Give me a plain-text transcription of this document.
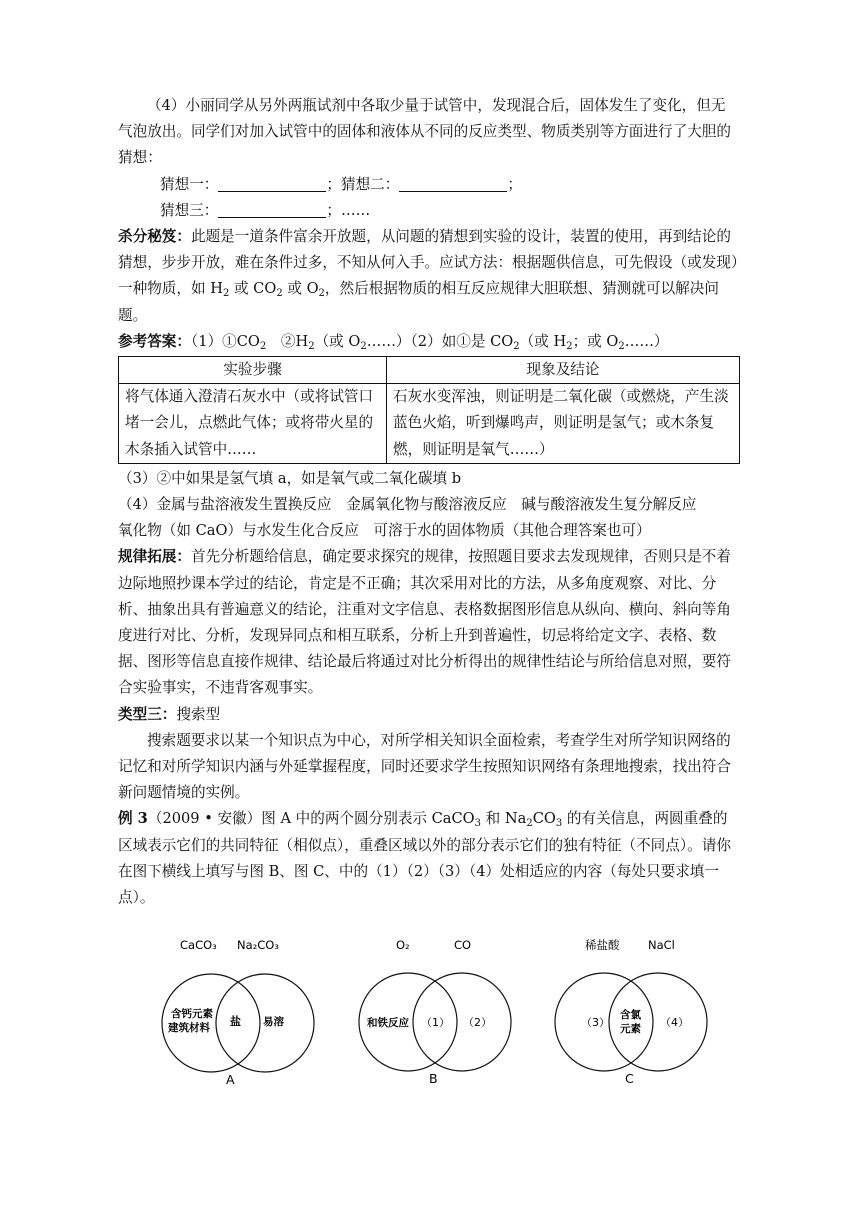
（4）小丽同学从另外两瓶试剂中各取少量于试管中，发现混合后，固体发生了变化，但无气泡放出。同学们对加入试管中的固体和液体从不同的反应类型、物质类别等方面进行了大胆的猜想：

猜想一：	；猜想二：	；

猜想三：	；……

杀分秘笈：此题是一道条件富余开放题，从问题的猜想到实验的设计，装置的使用，再到结论的猜想，步步开放，难在条件过多，不知从何入手。应试方法：根据题供信息，可先假设（或发现）一种物质，如 $H_2$ 或 $CO_2$ 或 $O_2$，然后根据物质的相互反应规律大胆联想、猜测就可以解决问题。

参考答案：$(1)①CO_2$　$②H_2$（或 $O_2\dots\dots)(2)$如①是 $CO_2$（或 $H_2$；或 $O_2\dots\dots$）

实验步骤	现象及结论
将气体通入澄清石灰水中（或将试管口堵一会儿，点燃此气体；或将带火星的木条插入试管中……	石灰水变浑浊，则证明是二氧化碳（或燃烧，产生淡蓝色火焰，听到爆鸣声，则证明是氢气；或木条复燃，则证明是氧气……）

（3）②中如果是氢气填 a，如是氧气或二氧化碳填 b

（4）金属与盐溶液发生置换反应　金属氧化物与酸溶液反应　碱与酸溶液发生复分解反应

氧化物（如 CaO）与水发生化合反应　可溶于水的固体物质（其他合理答案也可）

规律拓展：首先分析题给信息，确定要求探究的规律，按照题目要求去发现规律，否则只是不着边际地照抄课本学过的结论，肯定是不正确；其次采用对比的方法，从多角度观察、对比、分析、抽象出具有普遍意义的结论，注重对文字信息、表格数据图形信息从纵向、横向、斜向等角度进行对比、分析，发现异同点和相互联系，分析上升到普遍性，切忌将给定文字、表格、数据、图形等信息直接作规律、结论最后将通过对比分析得出的规律性结论与所给信息对照，要符合实验事实，不违背客观事实。

类型三：搜索型

搜索题要求以某一个知识点为中心，对所学相关知识全面检索，考查学生对所学知识网络的记忆和对所学知识内涵与外延掌握程度，同时还要求学生按照知识网络有条理地搜索，找出符合新问题情境的实例。

例 3（2009 • 安徽）图 A 中的两个圆分别表示 CaCO$_3$ 和 $Na_2CO_3$ 的有关信息，两圆重叠的区域表示它们的共同特征（相似点），重叠区域以外的部分表示它们的独有特征（不同点）。请你在图下横线上填写与图 B、图 C、中的（1）（2）（3）（4）处相适应的内容（每处只要求填一点）。

CaCO₃ Na₂CO₃
含钙元素
建筑材料 盐 易溶
A
O₂	CO
和铁反应 （1） （2）
B
稀盐酸 NaCl
（3）
含氯
元素 （4）
C
